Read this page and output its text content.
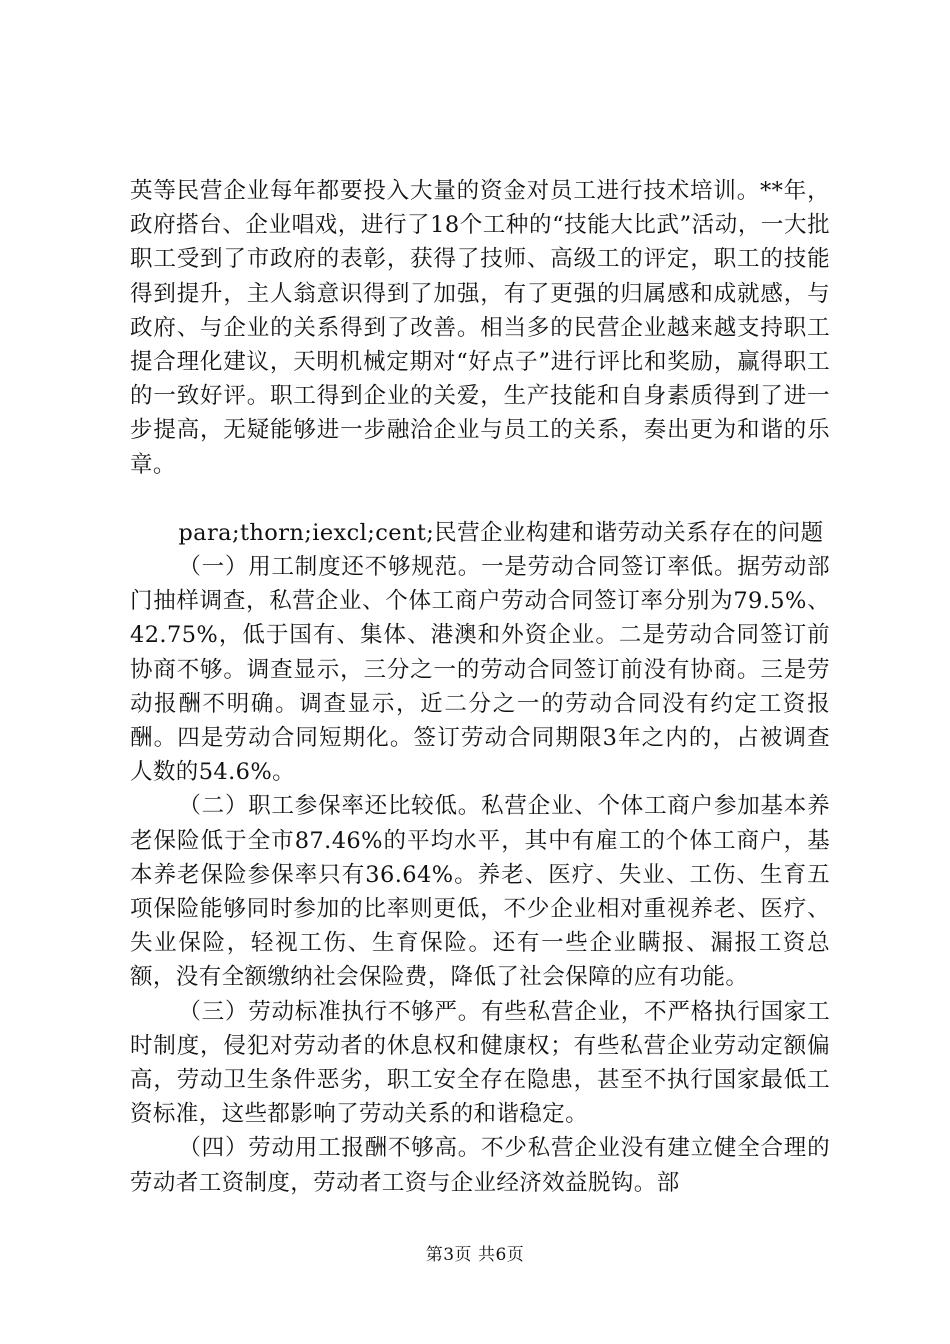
英等民营企业每年都要投入大量的资金对员工进行技术培训。**年，政府搭台、企业唱戏，进行了18个工种的“技能大比武”活动，一大批职工受到了市政府的表彰，获得了技师、高级工的评定，职工的技能得到提升，主人翁意识得到了加强，有了更强的归属感和成就感，与政府、与企业的关系得到了改善。相当多的民营企业越来越支持职工提合理化建议，天明机械定期对“好点子”进行评比和奖励，赢得职工的一致好评。职工得到企业的关爱，生产技能和自身素质得到了进一步提高，无疑能够进一步融洽企业与员工的关系，奏出更为和谐的乐章。

para;thorn;iexcl;cent;民营企业构建和谐劳动关系存在的问题

（一）用工制度还不够规范。一是劳动合同签订率低。据劳动部门抽样调查，私营企业、个体工商户劳动合同签订率分别为79.5%、42.75%，低于国有、集体、港澳和外资企业。二是劳动合同签订前协商不够。调查显示，三分之一的劳动合同签订前没有协商。三是劳动报酬不明确。调查显示，近二分之一的劳动合同没有约定工资报酬。四是劳动合同短期化。签订劳动合同期限3年之内的，占被调查人数的54.6%。

（二）职工参保率还比较低。私营企业、个体工商户参加基本养老保险低于全市87.46%的平均水平，其中有雇工的个体工商户，基本养老保险参保率只有36.64%。养老、医疗、失业、工伤、生育五项保险能够同时参加的比率则更低，不少企业相对重视养老、医疗、失业保险，轻视工伤、生育保险。还有一些企业瞒报、漏报工资总额，没有全额缴纳社会保险费，降低了社会保障的应有功能。

（三）劳动标准执行不够严。有些私营企业，不严格执行国家工时制度，侵犯对劳动者的休息权和健康权；有些私营企业劳动定额偏高，劳动卫生条件恶劣，职工安全存在隐患，甚至不执行国家最低工资标准，这些都影响了劳动关系的和谐稳定。

（四）劳动用工报酬不够高。不少私营企业没有建立健全合理的劳动者工资制度，劳动者工资与企业经济效益脱钩。部

第3页 共6页
